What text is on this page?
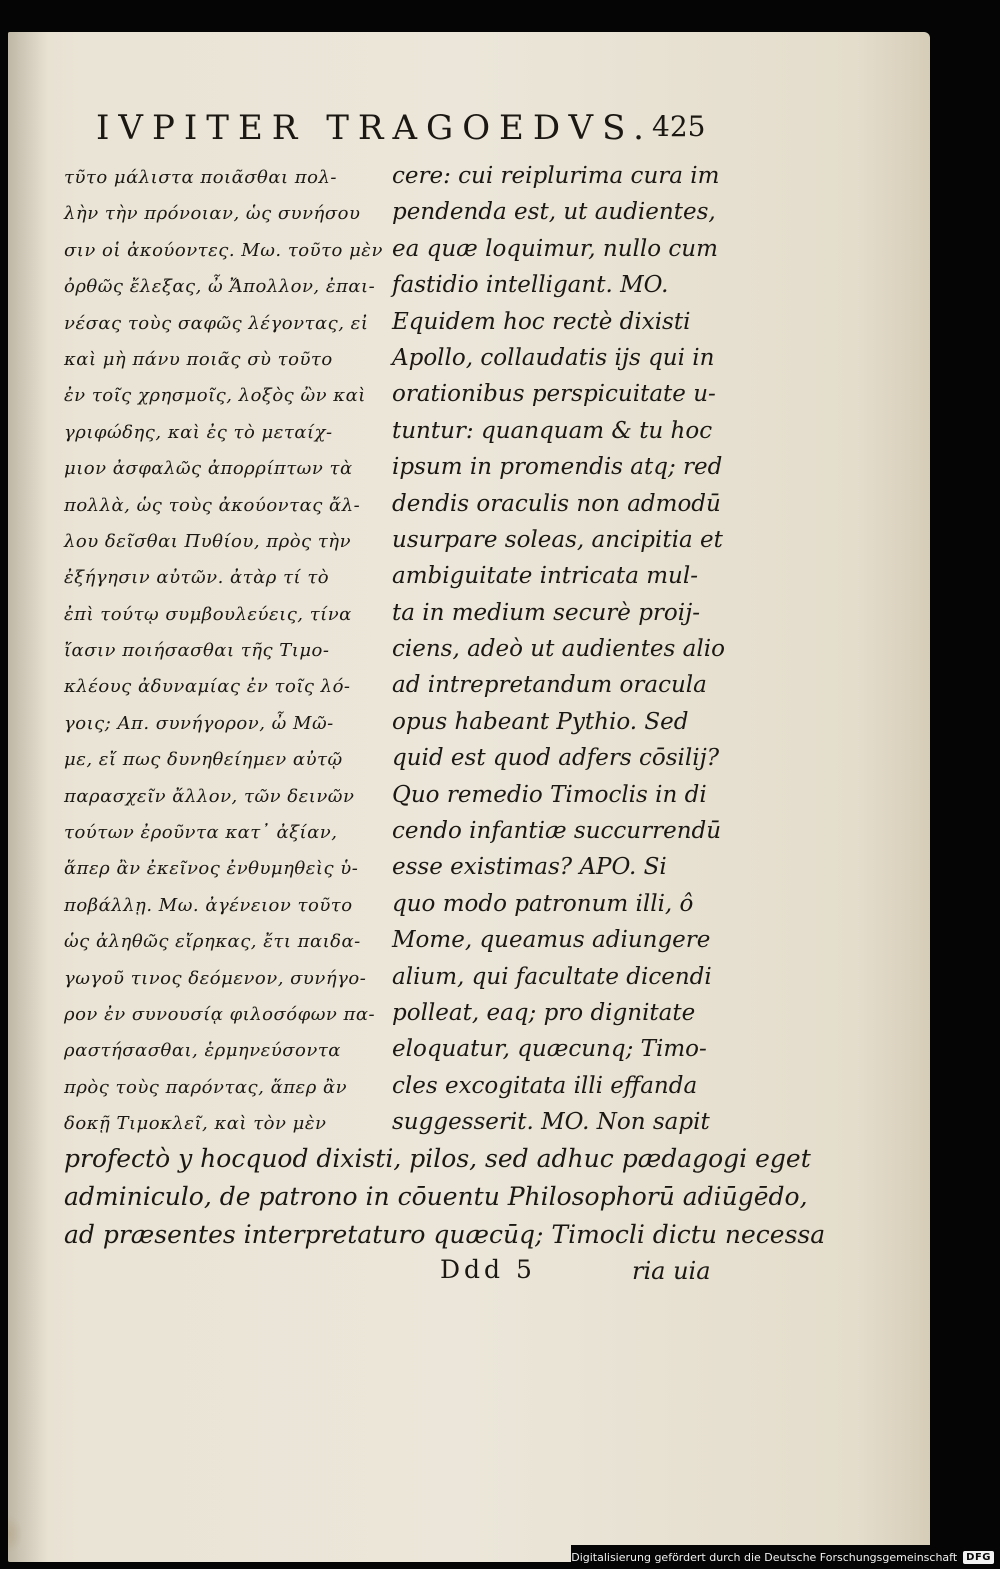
IVPITER TRAGOEDVS. 425
τῦτο μάλιστα ποιᾶσθαι πολ-
λὴν τὴν πρόνοιαν, ὡς συνήσου
σιν οἱ ἀκούοντες. Μω. τοῦτο μὲν
ὀρθῶς ἔλεξας, ὦ Ἄπολλον, ἐπαι-
νέσας τοὺς σαφῶς λέγοντας, εἰ
καὶ μὴ πάνυ ποιᾶς σὺ τοῦτο
ἐν τοῖς χρησμοῖς, λοξὸς ὢν καὶ
γριφώδης, καὶ ἐς τὸ μεταίχ-
μιον ἀσφαλῶς ἀπορρίπτων τὰ
πολλὰ, ὡς τοὺς ἀκούοντας ἄλ-
λου δεῖσθαι Πυθίου, πρὸς τὴν
ἐξήγησιν αὐτῶν. ἀτὰρ τί τὸ
ἐπὶ τούτῳ συμβουλεύεις, τίνα
ἴασιν ποιήσασθαι τῆς Τιμο-
κλέους ἀδυναμίας ἐν τοῖς λό-
γοις; Απ. συνήγορον, ὦ Μῶ-
με, εἴ πως δυνηθείημεν αὐτῷ
παρασχεῖν ἄλλον, τῶν δεινῶν
τούτων ἐροῦντα κατ᾽ ἀξίαν,
ἅπερ ἂν ἐκεῖνος ἐνθυμηθεὶς ὑ-
ποβάλλῃ. Μω. ἀγένειον τοῦτο
ὡς ἀληθῶς εἴρηκας, ἔτι παιδα-
γωγοῦ τινος δεόμενον, συνήγο-
ρον ἐν συνουσίᾳ φιλοσόφων πα-
ραστήσασθαι, ἑρμηνεύσοντα
πρὸς τοὺς παρόντας, ἅπερ ἂν
δοκῇ Τιμοκλεῖ, καὶ τὸν μὲν
cere: cui reiplurima cura im
pendenda est, ut audientes,
ea quæ loquimur, nullo cum
fastidio intelligant. MO.
Equidem hoc rectè dixisti
Apollo, collaudatis ijs qui in
orationibus perspicuitate u-
tuntur: quanquam & tu hoc
ipsum in promendis atq; red
dendis oraculis non admodū
usurpare soleas, ancipitia et
ambiguitate intricata mul-
ta in medium securè proij-
ciens, adeò ut audientes alio
ad intrepretandum oracula
opus habeant Pythio. Sed
quid est quod adfers cōsilij?
Quo remedio Timoclis in di
cendo infantiæ succurrendū
esse existimas? APO. Si
quo modo patronum illi, ô
Mome, queamus adiungere
alium, qui facultate dicendi
polleat, eaq; pro dignitate
eloquatur, quæcunq; Timo-
cles excogitata illi effanda
suggesserit. MO. Non sapit
profectò y hocquod dixisti, pilos, sed adhuc pædagogi eget
adminiculo, de patrono in cōuentu Philosophorū adiūgēdo,
ad præsentes interpretaturo quæcūq; Timocli dictu necessa
Ddd 5	ria uia
Digitalisierung gefördert durch die Deutsche Forschungsgemeinschaft DFG
